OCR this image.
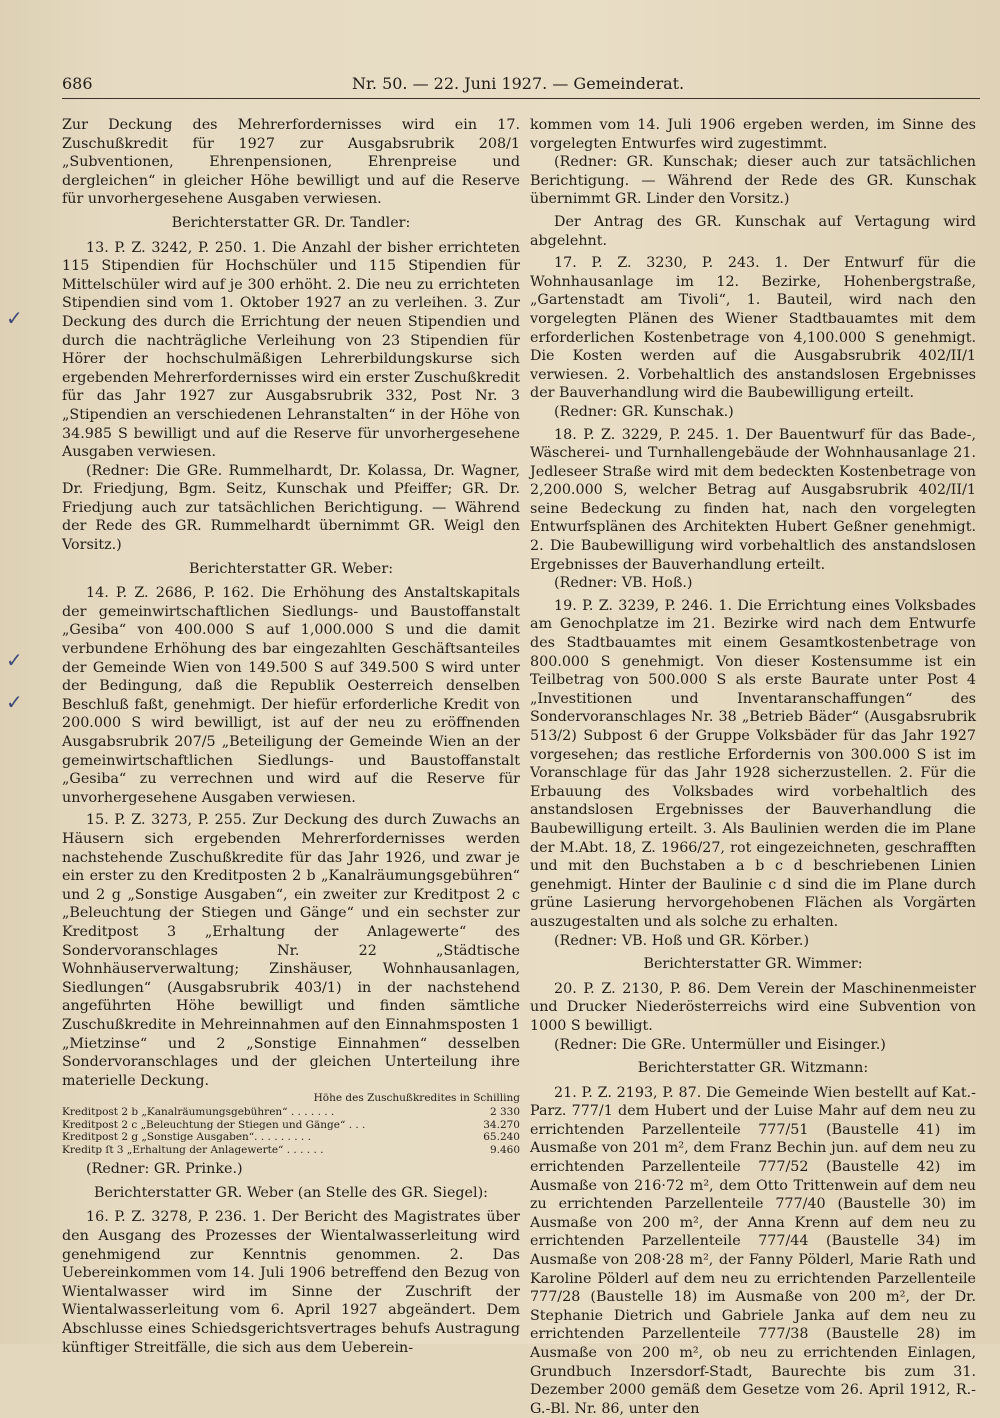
686	Nr. 50. — 22. Juni 1927. — Gemeinderat.
✓
✓
✓

Zur Deckung des Mehrerfordernisses wird ein 17. Zuschußkredit für 1927 zur Ausgabsrubrik 208/1 „Subventionen, Ehrenpensionen, Ehrenpreise und dergleichen“ in gleicher Höhe bewilligt und auf die Reserve für unvorhergesehene Ausgaben verwiesen.

Berichterstatter GR. Dr. Tandler:

13. P. Z. 3242, P. 250. 1. Die Anzahl der bisher errichteten 115 Stipendien für Hochschüler und 115 Stipendien für Mittelschüler wird auf je 300 erhöht. 2. Die neu zu errichteten Stipendien sind vom 1. Oktober 1927 an zu verleihen. 3. Zur Deckung des durch die Errichtung der neuen Stipendien und durch die nachträgliche Verleihung von 23 Stipendien für Hörer der hochschulmäßigen Lehrerbildungskurse sich ergebenden Mehrerfordernisses wird ein erster Zuschußkredit für das Jahr 1927 zur Ausgabsrubrik 332, Post Nr. 3 „Stipendien an verschiedenen Lehranstalten“ in der Höhe von 34.985 S bewilligt und auf die Reserve für unvorhergesehene Ausgaben verwiesen.

(Redner: Die GRe. Rummelhardt, Dr. Kolassa, Dr. Wagner, Dr. Friedjung, Bgm. Seitz, Kunschak und Pfeiffer; GR. Dr. Friedjung auch zur tatsächlichen Berichtigung. — Während der Rede des GR. Rummelhardt übernimmt GR. Weigl den Vorsitz.)

Berichterstatter GR. Weber:

14. P. Z. 2686, P. 162. Die Erhöhung des Anstaltskapitals der gemeinwirtschaftlichen Siedlungs- und Baustoffanstalt „Gesiba“ von 400.000 S auf 1,000.000 S und die damit verbundene Erhöhung des bar eingezahlten Geschäftsanteiles der Gemeinde Wien von 149.500 S auf 349.500 S wird unter der Bedingung, daß die Republik Oesterreich denselben Beschluß faßt, genehmigt. Der hiefür erforderliche Kredit von 200.000 S wird bewilligt, ist auf der neu zu eröffnenden Ausgabsrubrik 207/5 „Beteiligung der Gemeinde Wien an der gemeinwirtschaftlichen Siedlungs- und Baustoffanstalt „Gesiba“ zu verrechnen und wird auf die Reserve für unvorhergesehene Ausgaben verwiesen.

15. P. Z. 3273, P. 255. Zur Deckung des durch Zuwachs an Häusern sich ergebenden Mehrerfordernisses werden nachstehende Zuschußkredite für das Jahr 1926, und zwar je ein erster zu den Kreditposten 2 b „Kanalräumungsgebühren“ und 2 g „Sonstige Ausgaben“, ein zweiter zur Kreditpost 2 c „Beleuchtung der Stiegen und Gänge“ und ein sechster zur Kreditpost 3 „Erhaltung der Anlagewerte“ des Sondervoranschlages Nr. 22 „Städtische Wohnhäuserverwaltung; Zinshäuser, Wohnhausanlagen, Siedlungen“ (Ausgabsrubrik 403/1) in der nachstehend angeführten Höhe bewilligt und finden sämtliche Zuschußkredite in Mehreinnahmen auf den Einnahmsposten 1 „Mietzinse“ und 2 „Sonstige Einnahmen“ desselben Sondervoranschlages und der gleichen Unterteilung ihre materielle Deckung.

Höhe des Zuschußkredites in Schilling
Kreditpost 2 b „Kanalräumungsgebühren“ . . . . . . .	2 330
Kreditpost 2 c „Beleuchtung der Stiegen und Gänge“ . . .	34.270
Kreditpost 2 g „Sonstige Ausgaben“. . . . . . . . .	65.240
Kreditp ſt 3 „Erhaltung der Anlagewerte“ . . . . . .	9.460

(Redner: GR. Prinke.)

Berichterstatter GR. Weber (an Stelle des GR. Siegel):

16. P. Z. 3278, P. 236. 1. Der Bericht des Magistrates über den Ausgang des Prozesses der Wientalwasserleitung wird genehmigend zur Kenntnis genommen. 2. Das Uebereinkommen vom 14. Juli 1906 betreffend den Bezug von Wientalwasser wird im Sinne der Zuschrift der Wientalwasserleitung vom 6. April 1927 abgeändert. Dem Abschlusse eines Schiedsgerichtsvertrages behufs Austragung künftiger Streitfälle, die sich aus dem Ueberein-

kommen vom 14. Juli 1906 ergeben werden, im Sinne des vorgelegten Entwurfes wird zugestimmt.

(Redner: GR. Kunschak; dieser auch zur tatsächlichen Berichtigung. — Während der Rede des GR. Kunschak übernimmt GR. Linder den Vorsitz.)

Der Antrag des GR. Kunschak auf Vertagung wird abgelehnt.

17. P. Z. 3230, P. 243. 1. Der Entwurf für die Wohnhausanlage im 12. Bezirke, Hohenbergstraße, „Gartenstadt am Tivoli“, 1. Bauteil, wird nach den vorgelegten Plänen des Wiener Stadtbauamtes mit dem erforderlichen Kostenbetrage von 4,100.000 S genehmigt. Die Kosten werden auf die Ausgabsrubrik 402/II/1 verwiesen. 2. Vorbehaltlich des anstandslosen Ergebnisses der Bauverhandlung wird die Baubewilligung erteilt.

(Redner: GR. Kunschak.)

18. P. Z. 3229, P. 245. 1. Der Bauentwurf für das Bade-, Wäscherei- und Turnhallengebäude der Wohnhausanlage 21. Jedleseer Straße wird mit dem bedeckten Kostenbetrage von 2,200.000 S, welcher Betrag auf Ausgabsrubrik 402/II/1 seine Bedeckung zu finden hat, nach den vorgelegten Entwurfsplänen des Architekten Hubert Geßner genehmigt. 2. Die Baubewilligung wird vorbehaltlich des anstandslosen Ergebnisses der Bauverhandlung erteilt.

(Redner: VB. Hoß.)

19. P. Z. 3239, P. 246. 1. Die Errichtung eines Volksbades am Genochplatze im 21. Bezirke wird nach dem Entwurfe des Stadtbauamtes mit einem Gesamtkostenbetrage von 800.000 S genehmigt. Von dieser Kostensumme ist ein Teilbetrag von 500.000 S als erste Baurate unter Post 4 „Investitionen und Inventaranschaffungen“ des Sondervoranschlages Nr. 38 „Betrieb Bäder“ (Ausgabsrubrik 513/2) Subpost 6 der Gruppe Volksbäder für das Jahr 1927 vorgesehen; das restliche Erfordernis von 300.000 S ist im Voranschlage für das Jahr 1928 sicherzustellen. 2. Für die Erbauung des Volksbades wird vorbehaltlich des anstandslosen Ergebnisses der Bauverhandlung die Baubewilligung erteilt. 3. Als Baulinien werden die im Plane der M.Abt. 18, Z. 1966/27, rot eingezeichneten, geschrafften und mit den Buchstaben a b c d beschriebenen Linien genehmigt. Hinter der Baulinie c d sind die im Plane durch grüne Lasierung hervorgehobenen Flächen als Vorgärten auszugestalten und als solche zu erhalten.

(Redner: VB. Hoß und GR. Körber.)

Berichterstatter GR. Wimmer:

20. P. Z. 2130, P. 86. Dem Verein der Maschinenmeister und Drucker Niederösterreichs wird eine Subvention von 1000 S bewilligt.

(Redner: Die GRe. Untermüller und Eisinger.)

Berichterstatter GR. Witzmann:

21. P. Z. 2193, P. 87. Die Gemeinde Wien bestellt auf Kat.-Parz. 777/1 dem Hubert und der Luise Mahr auf dem neu zu errichtenden Parzellenteile 777/51 (Baustelle 41) im Ausmaße von 201 m², dem Franz Bechin jun. auf dem neu zu errichtenden Parzellenteile 777/52 (Baustelle 42) im Ausmaße von 216·72 m², dem Otto Trittenwein auf dem neu zu errichtenden Parzellenteile 777/40 (Baustelle 30) im Ausmaße von 200 m², der Anna Krenn auf dem neu zu errichtenden Parzellenteile 777/44 (Baustelle 34) im Ausmaße von 208·28 m², der Fanny Pölderl, Marie Rath und Karoline Pölderl auf dem neu zu errichtenden Parzellenteile 777/28 (Baustelle 18) im Ausmaße von 200 m², der Dr. Stephanie Dietrich und Gabriele Janka auf dem neu zu errichtenden Parzellenteile 777/38 (Baustelle 28) im Ausmaße von 200 m², ob neu zu errichtenden Einlagen, Grundbuch Inzersdorf-Stadt, Baurechte bis zum 31. Dezember 2000 gemäß dem Gesetze vom 26. April 1912, R.-G.-Bl. Nr. 86, unter den
